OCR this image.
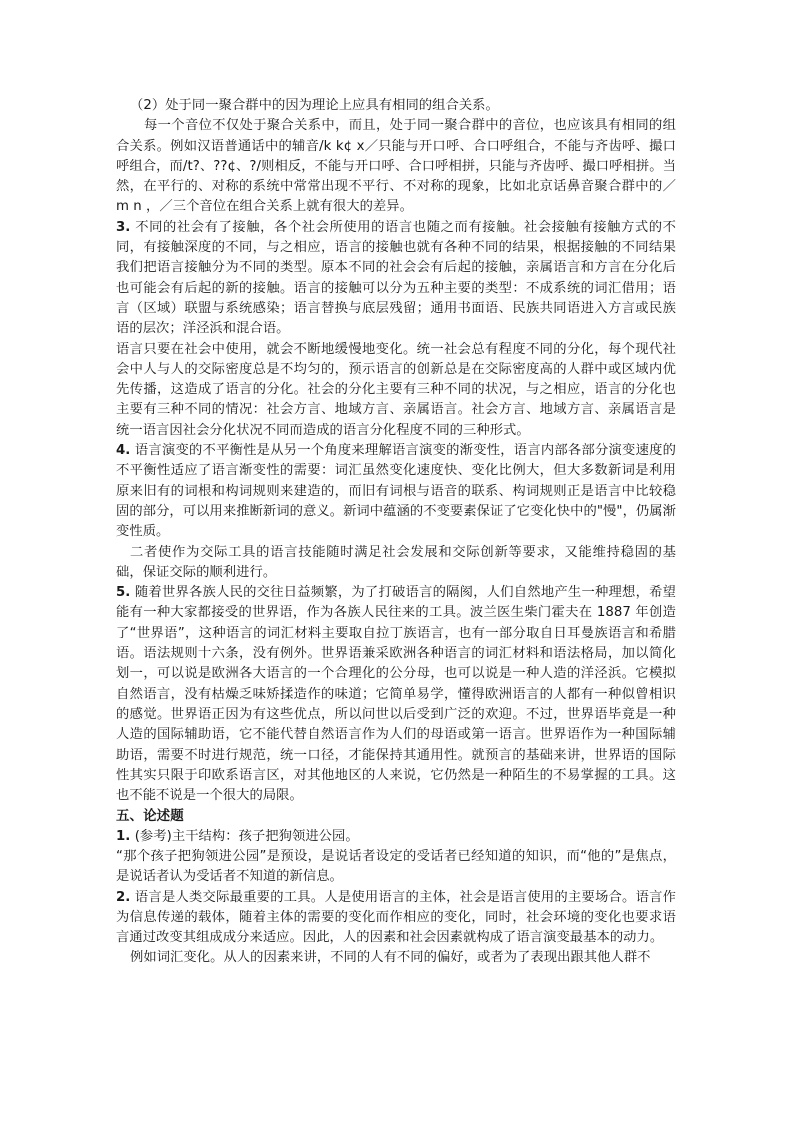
（2）处于同一聚合群中的因为理论上应具有相同的组合关系。

每一个音位不仅处于聚合关系中，而且，处于同一聚合群中的音位，也应该具有相同的组合关系。例如汉语普通话中的辅音/k k¢ x／只能与开口呼、合口呼组合，不能与齐齿呼、撮口呼组合，而/t?、??¢、?/则相反，不能与开口呼、合口呼相拼，只能与齐齿呼、撮口呼相拼。当然，在平行的、对称的系统中常常出现不平行、不对称的现象，比如北京话鼻音聚合群中的／m n ，／三个音位在组合关系上就有很大的差异。

3. 不同的社会有了接触，各个社会所使用的语言也随之而有接触。社会接触有接触方式的不同，有接触深度的不同，与之相应，语言的接触也就有各种不同的结果，根据接触的不同结果我们把语言接触分为不同的类型。原本不同的社会会有后起的接触，亲属语言和方言在分化后也可能会有后起的新的接触。语言的接触可以分为五种主要的类型：不成系统的词汇借用；语言（区域）联盟与系统感染；语言替换与底层残留；通用书面语、民族共同语进入方言或民族语的层次；洋泾浜和混合语。

语言只要在社会中使用，就会不断地缓慢地变化。统一社会总有程度不同的分化，每个现代社会中人与人的交际密度总是不均匀的，预示语言的创新总是在交际密度高的人群中或区域内优先传播，这造成了语言的分化。社会的分化主要有三种不同的状况，与之相应，语言的分化也主要有三种不同的情况：社会方言、地域方言、亲属语言。社会方言、地域方言、亲属语言是统一语言因社会分化状况不同而造成的语言分化程度不同的三种形式。

4. 语言演变的不平衡性是从另一个角度来理解语言演变的渐变性，语言内部各部分演变速度的不平衡性适应了语言渐变性的需要：词汇虽然变化速度快、变化比例大，但大多数新词是利用原来旧有的词根和构词规则来建造的，而旧有词根与语音的联系、构词规则正是语言中比较稳固的部分，可以用来推断新词的意义。新词中蕴涵的不变要素保证了它变化快中的"慢"，仍属渐变性质。

二者使作为交际工具的语言技能随时满足社会发展和交际创新等要求，又能维持稳固的基础，保证交际的顺利进行。

5. 随着世界各族人民的交往日益频繁，为了打破语言的隔阂，人们自然地产生一种理想，希望能有一种大家都接受的世界语，作为各族人民往来的工具。波兰医生柴门霍夫在 1887 年创造了“世界语”，这种语言的词汇材料主要取自拉丁族语言，也有一部分取自日耳曼族语言和希腊语。语法规则十六条，没有例外。世界语兼采欧洲各种语言的词汇材料和语法格局，加以简化划一，可以说是欧洲各大语言的一个合理化的公分母，也可以说是一种人造的洋泾浜。它模拟自然语言，没有枯燥乏味矫揉造作的味道；它简单易学，懂得欧洲语言的人都有一种似曾相识的感觉。世界语正因为有这些优点，所以问世以后受到广泛的欢迎。不过，世界语毕竟是一种人造的国际辅助语，它不能代替自然语言作为人们的母语或第一语言。世界语作为一种国际辅助语，需要不时进行规范，统一口径，才能保持其通用性。就预言的基础来讲，世界语的国际性其实只限于印欧系语言区，对其他地区的人来说，它仍然是一种陌生的不易掌握的工具。这也不能不说是一个很大的局限。

五、论述题

1. (参考)主干结构：孩子把狗领进公园。

“那个孩子把狗领进公园”是预设，是说话者设定的受话者已经知道的知识，而“他的”是焦点，是说话者认为受话者不知道的新信息。

2. 语言是人类交际最重要的工具。人是使用语言的主体，社会是语言使用的主要场合。语言作为信息传递的载体，随着主体的需要的变化而作相应的变化，同时，社会环境的变化也要求语言通过改变其组成成分来适应。因此，人的因素和社会因素就构成了语言演变最基本的动力。

例如词汇变化。从人的因素来讲，不同的人有不同的偏好，或者为了表现出跟其他人群不
